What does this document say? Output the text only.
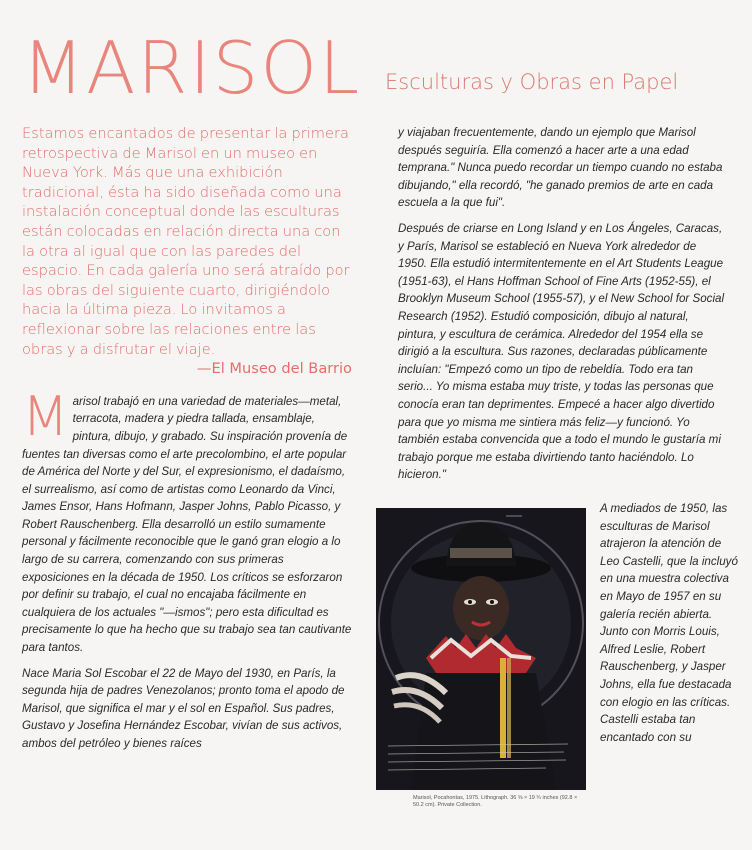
MARISOL Esculturas y Obras en Papel

Estamos encantados de presentar la primera retrospectiva de Marisol en un museo en Nueva York. Más que una exhibición tradicional, ésta ha sido diseñada como una instalación conceptual donde las esculturas están colocadas en relación directa una con la otra al igual que con las paredes del espacio. En cada galería uno será atraído por las obras del siguiente cuarto, dirigiéndolo hacia la última pieza. Lo invitamos a reflexionar sobre las relaciones entre las obras y a disfrutar el viaje.

—El Museo del Barrio

Marisol trabajó en una variedad de materiales—metal, terracota, madera y piedra tallada, ensamblaje, pintura, dibujo, y grabado. Su inspiración provenía de fuentes tan diversas como el arte precolombino, el arte popular de América del Norte y del Sur, el expresionismo, el dadaísmo, el surrealismo, así como de artistas como Leonardo da Vinci, James Ensor, Hans Hofmann, Jasper Johns, Pablo Picasso, y Robert Rauschenberg. Ella desarrolló un estilo sumamente personal y fácilmente reconocible que le ganó gran elogio a lo largo de su carrera, comenzando con sus primeras exposiciones en la década de 1950. Los críticos se esforzaron por definir su trabajo, el cual no encajaba fácilmente en cualquiera de los actuales "—ismos"; pero esta dificultad es precisamente lo que ha hecho que su trabajo sea tan cautivante para tantos.

Nace Maria Sol Escobar el 22 de Mayo del 1930, en París, la segunda hija de padres Venezolanos; pronto toma el apodo de Marisol, que significa el mar y el sol en Español. Sus padres, Gustavo y Josefina Hernández Escobar, vivían de sus activos, ambos del petróleo y bienes raíces

y viajaban frecuentemente, dando un ejemplo que Marisol después seguiría. Ella comenzó a hacer arte a una edad temprana." Nunca puedo recordar un tiempo cuando no estaba dibujando," ella recordó, "he ganado premios de arte en cada escuela a la que fui".

Después de criarse en Long Island y en Los Ángeles, Caracas, y París, Marisol se estableció en Nueva York alrededor de 1950. Ella estudió intermitentemente en el Art Students League (1951-63), el Hans Hoffman School of Fine Arts (1952-55), el Brooklyn Museum School (1955-57), y el New School for Social Research (1952). Estudió composición, dibujo al natural, pintura, y escultura de cerámica. Alrededor del 1954 ella se dirigió a la escultura. Sus razones, declaradas públicamente incluían: "Empezó como un tipo de rebeldía. Todo era tan serio... Yo misma estaba muy triste, y todas las personas que conocía eran tan deprimentes. Empecé a hacer algo divertido para que yo misma me sintiera más feliz—y funcionó. Yo también estaba convencida que a todo el mundo le gustaría mi trabajo porque me estaba divirtiendo tanto haciéndolo. Lo hicieron."

Marisol, Pocahontas, 1975. Lithograph. 36 ⅝ × 19 ¾ inches (92.8 × 50.2 cm). Private Collection.

A mediados de 1950, las esculturas de Marisol atrajeron la atención de Leo Castelli, que la incluyó en una muestra colectiva en Mayo de 1957 en su galería recién abierta. Junto con Morris Louis, Alfred Leslie, Robert Rauschenberg, y Jasper Johns, ella fue destacada con elogio en las críticas. Castelli estaba tan encantado con su
